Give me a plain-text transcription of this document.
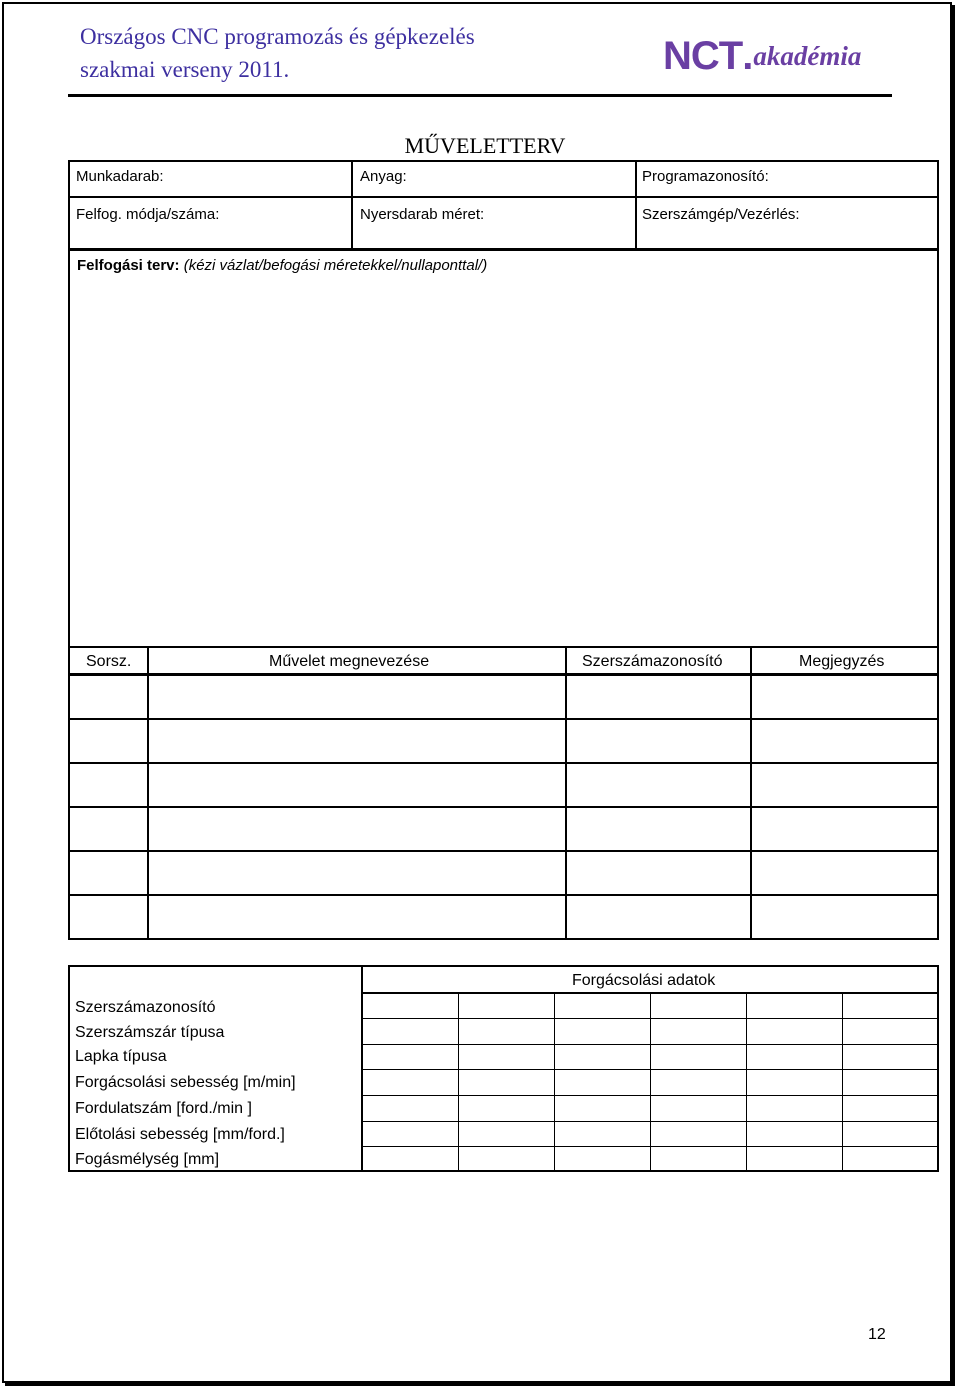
Országos CNC programozás és gépkezelés
szakmai verseny 2011.	NCT.akadémia
MŰVELETTERV
Munkadarab:	Anyag:	Programazonosító:
Felfog. módja/száma:	Nyersdarab méret:	Szerszámgép/Vezérlés:
Felfogási terv: (kézi vázlat/befogási méretekkel/nullaponttal/)
Sorsz.	Művelet megnevezése	Szerszámazonosító	Megjegyzés
Forgácsolási adatok
Szerszámazonosító
Szerszámszár típusa
Lapka típusa
Forgácsolási sebesség [m/min]
Fordulatszám [ford./min ]
Előtolási sebesség [mm/ford.]
Fogásmélység [mm]
12
